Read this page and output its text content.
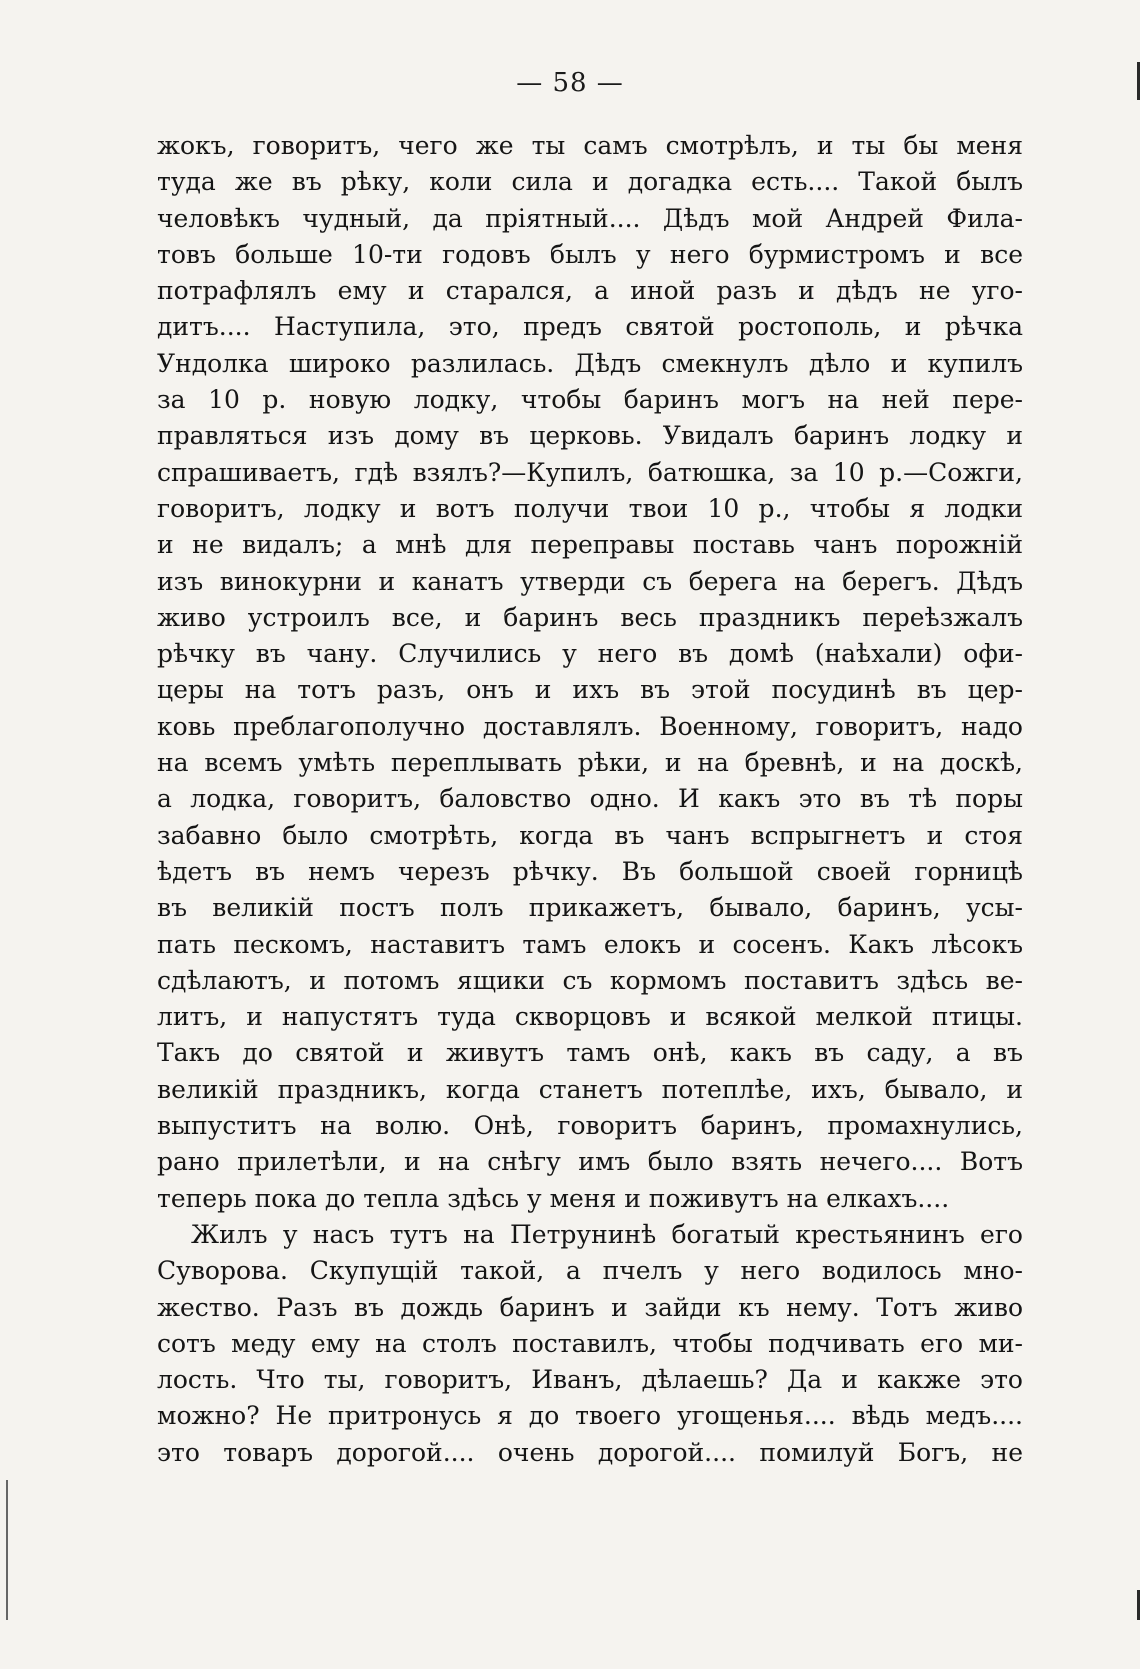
— 58 —
жокъ, говоритъ, чего же ты самъ смотрѣлъ, и ты бы меня
туда же въ рѣку, коли сила и догадка есть.... Такой былъ
человѣкъ чудный, да пріятный.... Дѣдъ мой Андрей Фила-
товъ больше 10-ти годовъ былъ у него бурмистромъ и все
потрафлялъ ему и старался, а иной разъ и дѣдъ не уго-
дитъ.... Наступила, это, предъ святой ростополь, и рѣчка
Ундолка широко разлилась. Дѣдъ смекнулъ дѣло и купилъ
за 10 р. новую лодку, чтобы баринъ могъ на ней пере-
правляться изъ дому въ церковь. Увидалъ баринъ лодку и
спрашиваетъ, гдѣ взялъ?—Купилъ, батюшка, за 10 р.—Сожги,
говоритъ, лодку и вотъ получи твои 10 р., чтобы я лодки
и не видалъ; а мнѣ для переправы поставь чанъ порожній
изъ винокурни и канатъ утверди съ берега на берегъ. Дѣдъ
живо устроилъ все, и баринъ весь праздникъ переѣзжалъ
рѣчку въ чану. Случились у него въ домѣ (наѣхали) офи-
церы на тотъ разъ, онъ и ихъ въ этой посудинѣ въ цер-
ковь преблагополучно доставлялъ. Военному, говоритъ, надо
на всемъ умѣть переплывать рѣки, и на бревнѣ, и на доскѣ,
а лодка, говоритъ, баловство одно. И какъ это въ тѣ поры
забавно было смотрѣть, когда въ чанъ вспрыгнетъ и стоя
ѣдетъ въ немъ черезъ рѣчку. Въ большой своей горницѣ
въ великій постъ полъ прикажетъ, бывало, баринъ, усы-
пать пескомъ, наставитъ тамъ елокъ и сосенъ. Какъ лѣсокъ
сдѣлаютъ, и потомъ ящики съ кормомъ поставитъ здѣсь ве-
литъ, и напустятъ туда скворцовъ и всякой мелкой птицы.
Такъ до святой и живутъ тамъ онѣ, какъ въ саду, а въ
великій праздникъ, когда станетъ потеплѣе, ихъ, бывало, и
выпуститъ на волю. Онѣ, говоритъ баринъ, промахнулись,
рано прилетѣли, и на снѣгу имъ было взять нечего.... Вотъ
теперь пока до тепла здѣсь у меня и поживутъ на елкахъ....
Жилъ у насъ тутъ на Петрунинѣ богатый крестьянинъ его
Суворова. Скупущій такой, а пчелъ у него водилось мно-
жество. Разъ въ дождь баринъ и зайди къ нему. Тотъ живо
сотъ меду ему на столъ поставилъ, чтобы подчивать его ми-
лость. Что ты, говоритъ, Иванъ, дѣлаешь? Да и какже это
можно? Не притронусь я до твоего угощенья.... вѣдь медъ....
это товаръ дорогой.... очень дорогой.... помилуй Богъ, не
